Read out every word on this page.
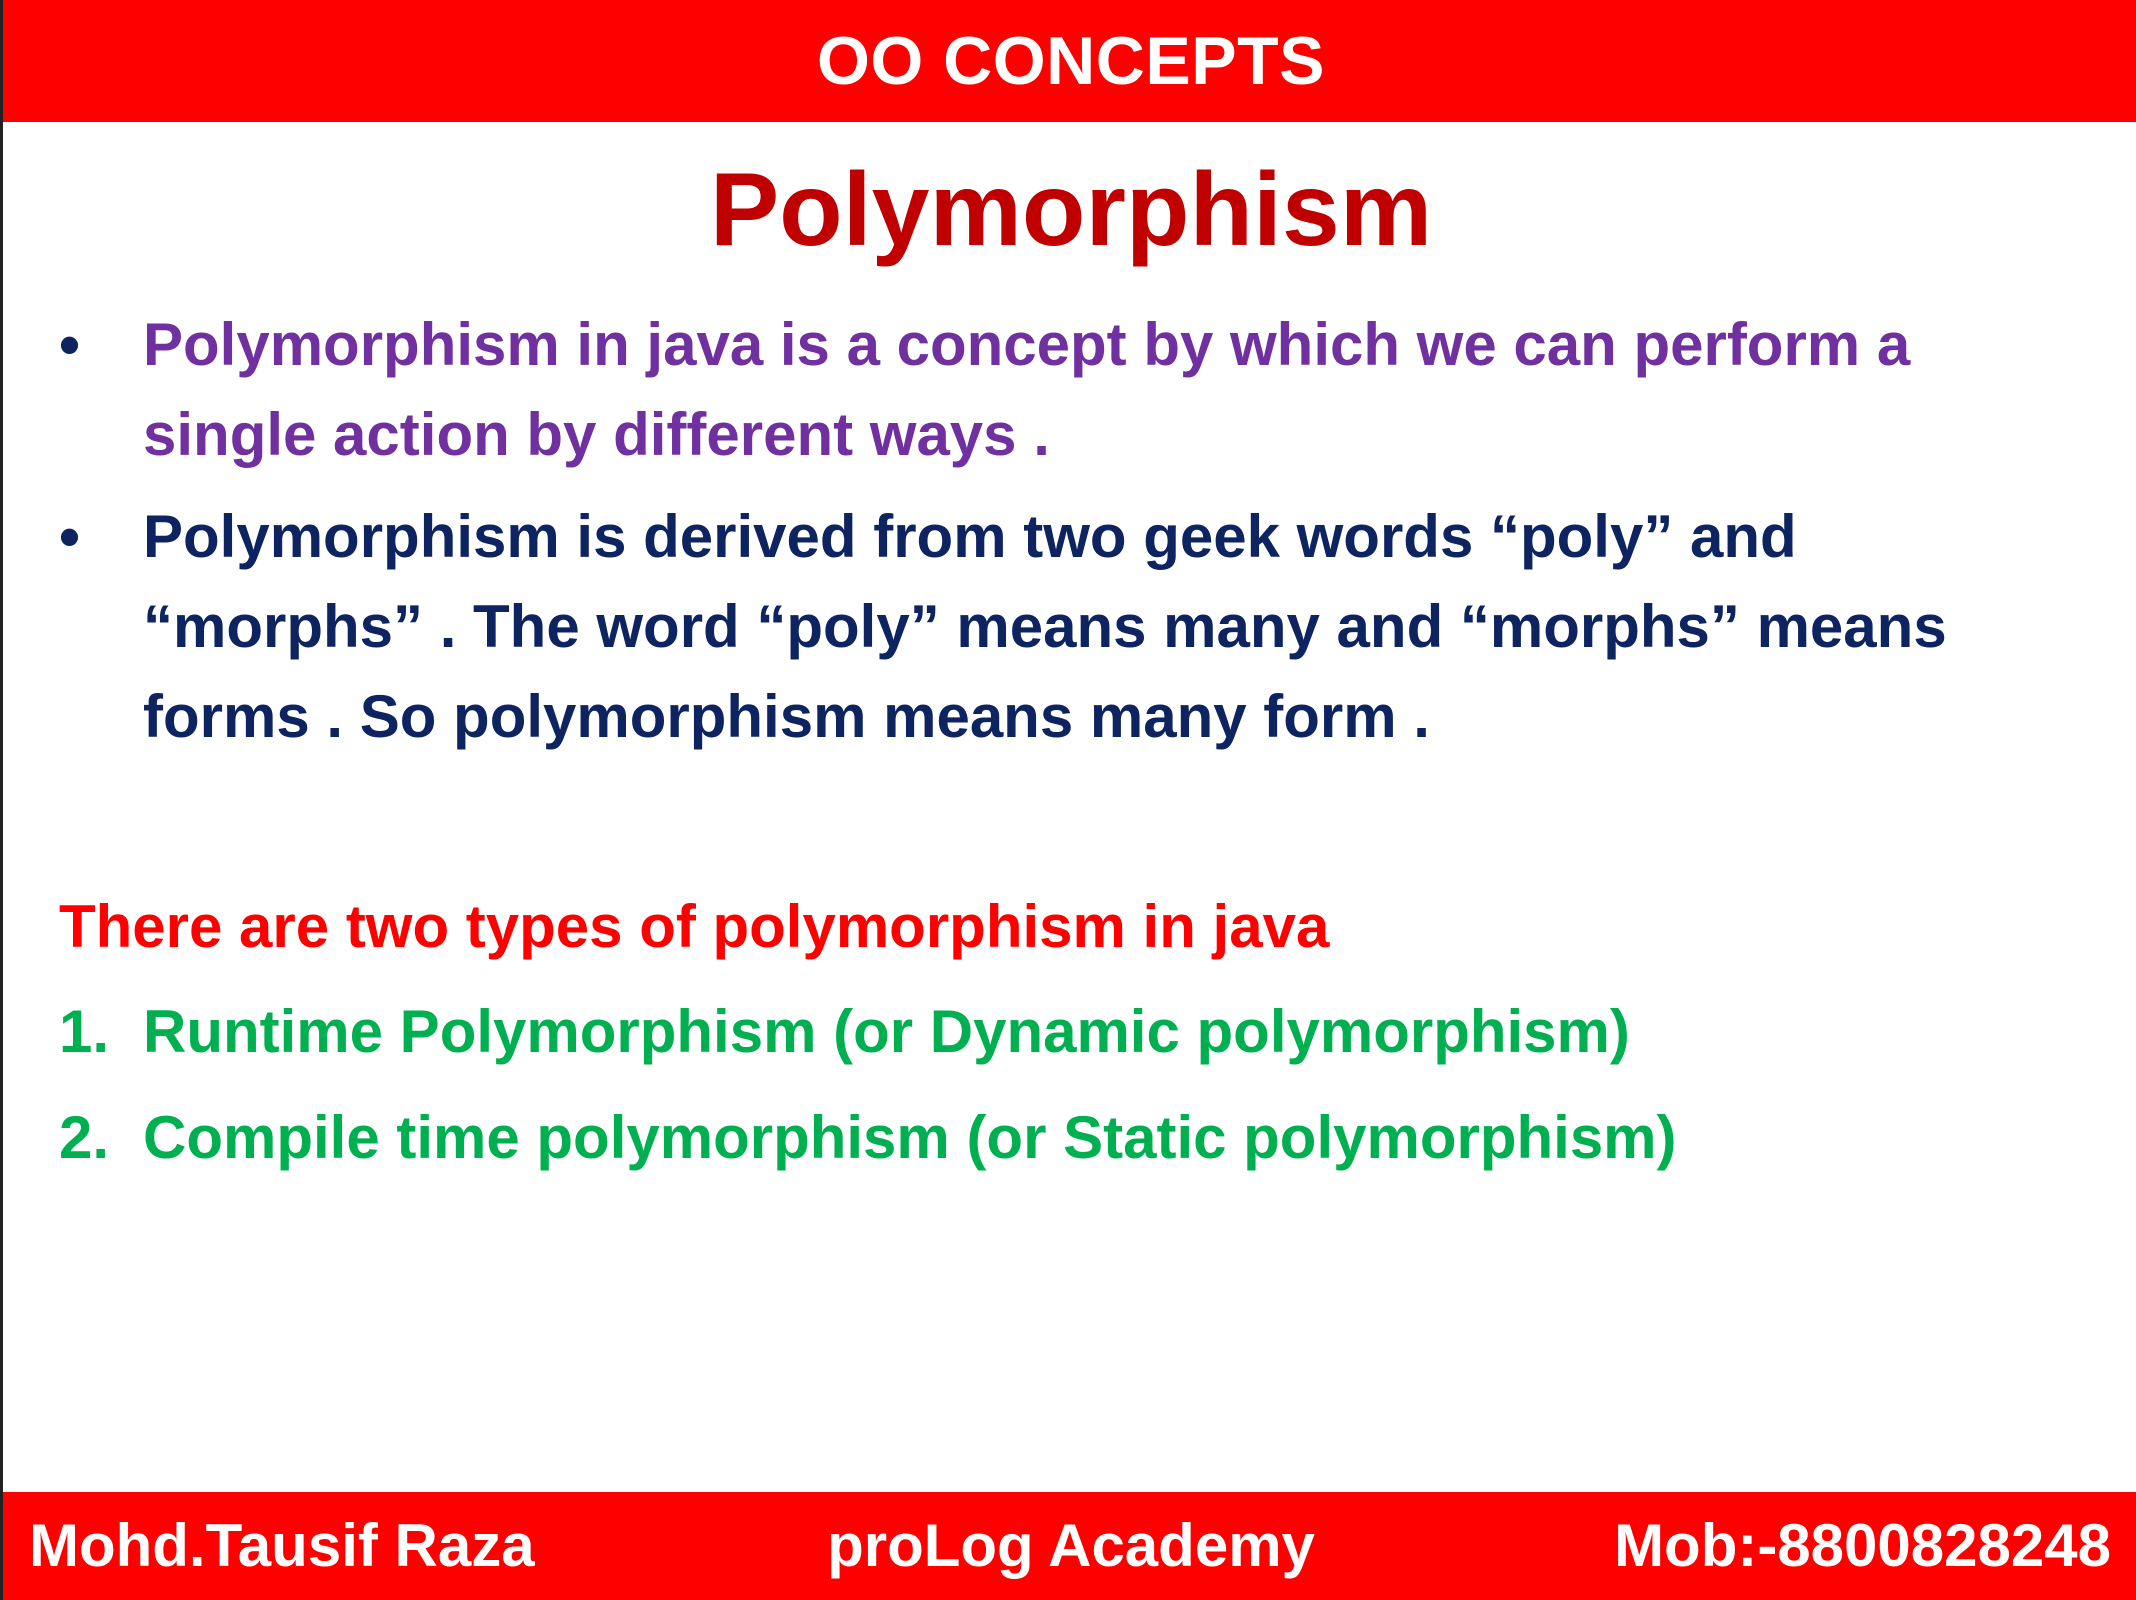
OO CONCEPTS
Polymorphism
•	Polymorphism in java is a concept by which we can perform a single action by different ways .
•	Polymorphism is derived from two geek words “poly” and “morphs” . The word “poly” means many and “morphs” means forms . So polymorphism means many form .
There are two types of polymorphism in java
1. Runtime Polymorphism (or Dynamic polymorphism)
2. Compile time polymorphism (or Static polymorphism)
Mohd.Tausif Raza	proLog Academy	Mob:-8800828248
